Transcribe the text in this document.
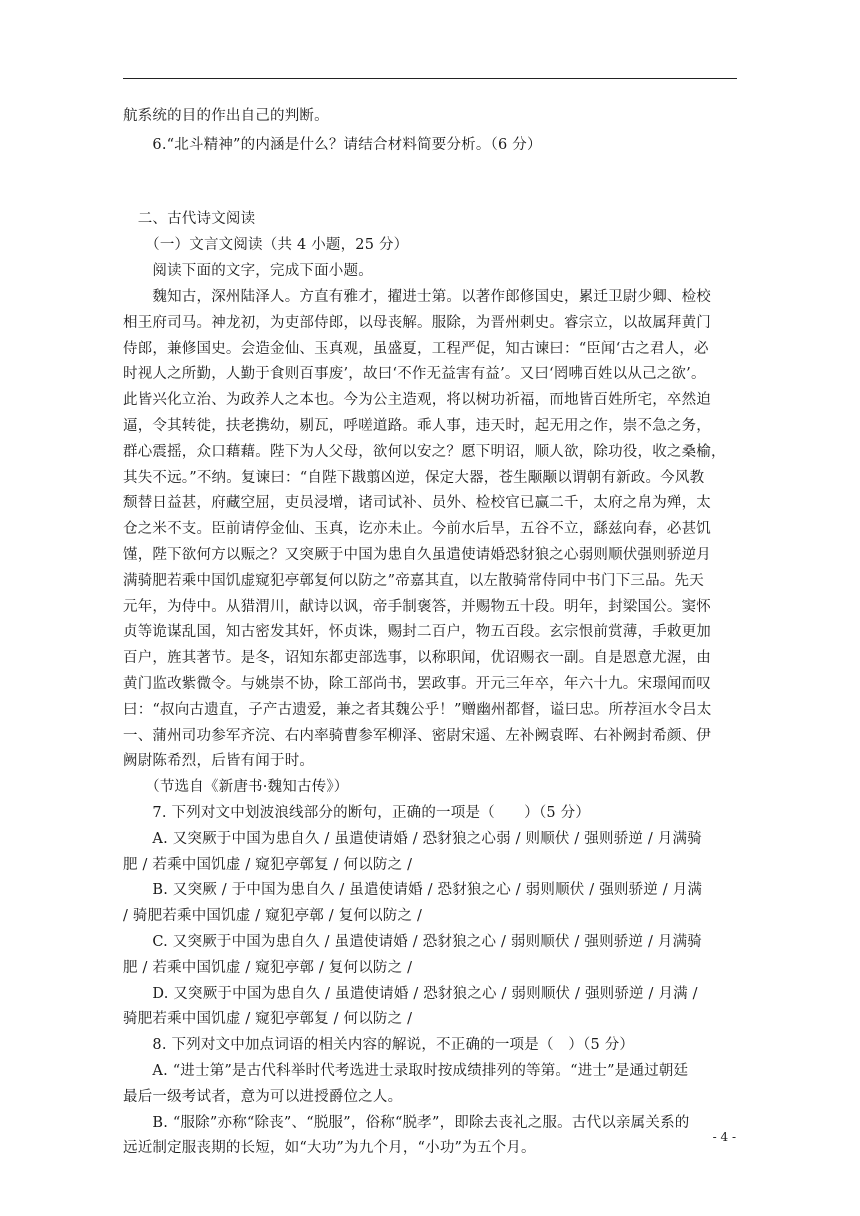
航系统的目的作出自己的判断。
　　6.“北斗精神”的内涵是什么？请结合材料简要分析。（6 分）
　二、古代诗文阅读
　　（一）文言文阅读（共 4 小题，25 分）
　　阅读下面的文字，完成下面小题。
　　魏知古，深州陆泽人。方直有雅才，擢进士第。以著作郎修国史，累迁卫尉少卿、检校
相王府司马。神龙初，为吏部侍郎，以母丧解。服除，为晋州刺史。睿宗立，以故属拜黄门
侍郎，兼修国史。会造金仙、玉真观，虽盛夏，工程严促，知古谏曰：“臣闻‘古之君人，必
时视人之所勤，人勤于食则百事废’，故曰‘不作无益害有益’。又曰‘罔咈百姓以从己之欲’。
此皆兴化立治、为政养人之本也。今为公主造观，将以树功祈福，而地皆百姓所宅，卒然迫
逼，令其转徙，扶老携幼，剔瓦，呼嗟道路。乖人事，违天时，起无用之作，崇不急之务，
群心震摇，众口藉藉。陛下为人父母，欲何以安之？愿下明诏，顺人欲，除功役，收之桑榆，
其失不远。”不纳。复谏曰：“自陛下戡翦凶逆，保定大器，苍生颙颙以谓朝有新政。今风教
颓替日益甚，府藏空屈，吏员浸增，诸司试补、员外、检校官已赢二千，太府之帛为殚，太
仓之米不支。臣前请停金仙、玉真，讫亦未止。今前水后旱，五谷不立，繇兹向春，必甚饥
馑，陛下欲何方以赈之？又突厥于中国为患自久虽遣使请婚恐豺狼之心弱则顺伏强则骄逆月
满骑肥若乘中国饥虚窥犯亭鄣复何以防之”帝嘉其直，以左散骑常侍同中书门下三品。先天
元年，为侍中。从猎渭川，献诗以讽，帝手制褒答，并赐物五十段。明年，封梁国公。窦怀
贞等诡谋乱国，知古密发其奸，怀贞诛，赐封二百户，物五百段。玄宗恨前赏薄，手敕更加
百户，旌其著节。是冬，诏知东都吏部选事，以称职闻，优诏赐衣一副。自是恩意尤渥，由
黄门监改紫微令。与姚崇不协，除工部尚书，罢政事。开元三年卒，年六十九。宋璟闻而叹
曰：“叔向古遗直，子产古遗爱，兼之者其魏公乎！”赠幽州都督，谥曰忠。所荐洹水令吕太
一、蒲州司功参军齐浣、右内率骑曹参军柳泽、密尉宋遥、左补阙袁晖、右补阙封希颜、伊
阙尉陈希烈，后皆有闻于时。
　　（节选自《新唐书·魏知古传》）
　　7. 下列对文中划波浪线部分的断句，正确的一项是（　　）（5 分）
　　A. 又突厥于中国为患自久 / 虽遣使请婚 / 恐豺狼之心弱 / 则顺伏 / 强则骄逆 / 月满骑
肥 / 若乘中国饥虚 / 窥犯亭鄣复 / 何以防之 /
　　B. 又突厥 / 于中国为患自久 / 虽遣使请婚 / 恐豺狼之心 / 弱则顺伏 / 强则骄逆 / 月满
/ 骑肥若乘中国饥虚 / 窥犯亭鄣 / 复何以防之 /
　　C. 又突厥于中国为患自久 / 虽遣使请婚 / 恐豺狼之心 / 弱则顺伏 / 强则骄逆 / 月满骑
肥 / 若乘中国饥虚 / 窥犯亭鄣 / 复何以防之 /
　　D. 又突厥于中国为患自久 / 虽遣使请婚 / 恐豺狼之心 / 弱则顺伏 / 强则骄逆 / 月满 /
骑肥若乘中国饥虚 / 窥犯亭鄣复 / 何以防之 /
　　8. 下列对文中加点词语的相关内容的解说，不正确的一项是（　）（5 分）
　　A. “进士第”是古代科举时代考选进士录取时按成绩排列的等第。“进士”是通过朝廷
最后一级考试者，意为可以进授爵位之人。
　　B. “服除”亦称“除丧”、“脱服”，俗称“脱孝”，即除去丧礼之服。古代以亲属关系的
远近制定服丧期的长短，如“大功”为九个月，“小功”为五个月。
- 4 -
